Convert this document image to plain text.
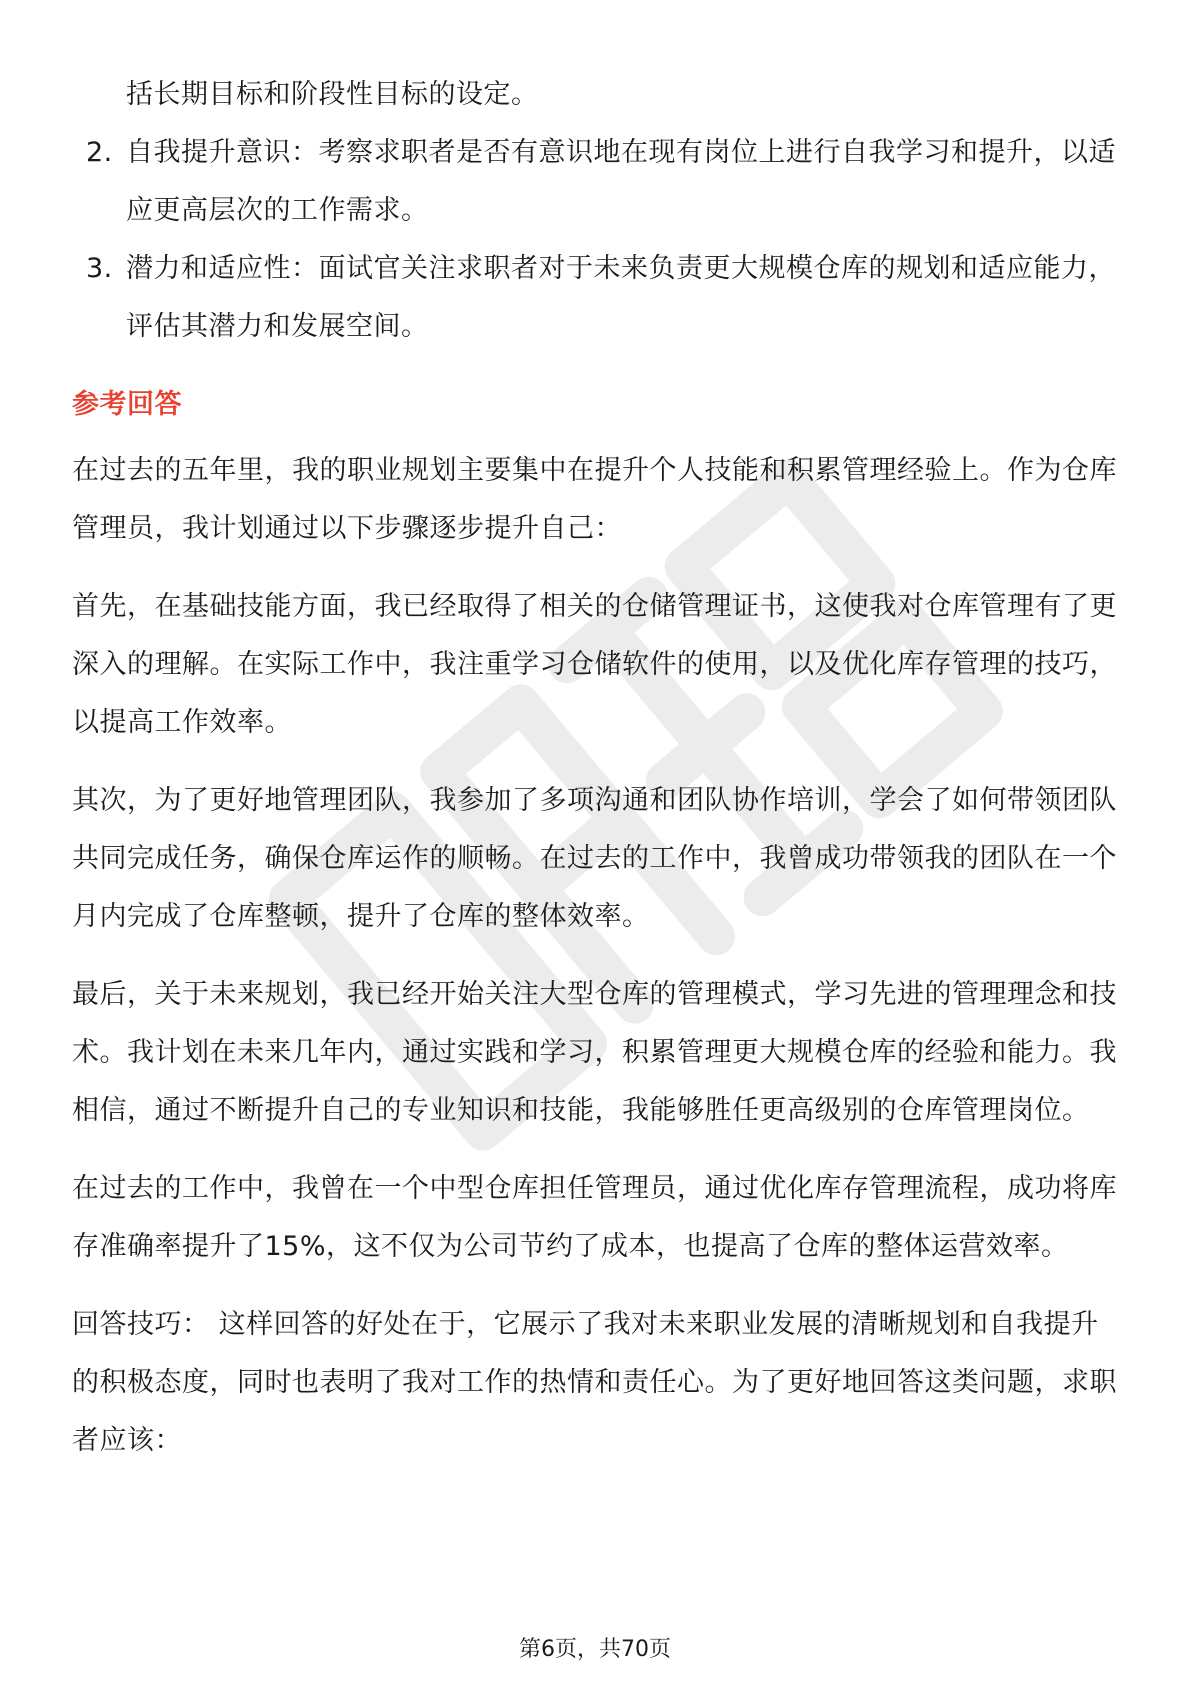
括长期目标和阶段性目标的设定。
2. 自我提升意识：考察求职者是否有意识地在现有岗位上进行自我学习和提升，以适应更高层次的工作需求。
3. 潜力和适应性：面试官关注求职者对于未来负责更大规模仓库的规划和适应能力，评估其潜力和发展空间。
参考回答

在过去的五年里，我的职业规划主要集中在提升个人技能和积累管理经验上。作为仓库管理员，我计划通过以下步骤逐步提升自己：

首先，在基础技能方面，我已经取得了相关的仓储管理证书，这使我对仓库管理有了更深入的理解。在实际工作中，我注重学习仓储软件的使用，以及优化库存管理的技巧，以提高工作效率。

其次，为了更好地管理团队，我参加了多项沟通和团队协作培训，学会了如何带领团队共同完成任务，确保仓库运作的顺畅。在过去的工作中，我曾成功带领我的团队在一个月内完成了仓库整顿，提升了仓库的整体效率。

最后，关于未来规划，我已经开始关注大型仓库的管理模式，学习先进的管理理念和技术。我计划在未来几年内，通过实践和学习，积累管理更大规模仓库的经验和能力。我相信，通过不断提升自己的专业知识和技能，我能够胜任更高级别的仓库管理岗位。

在过去的工作中，我曾在一个中型仓库担任管理员，通过优化库存管理流程，成功将库存准确率提升了15%，这不仅为公司节约了成本，也提高了仓库的整体运营效率。

回答技巧： 这样回答的好处在于，它展示了我对未来职业发展的清晰规划和自我提升的积极态度，同时也表明了我对工作的热情和责任心。为了更好地回答这类问题，求职者应该：

第6页，共70页
